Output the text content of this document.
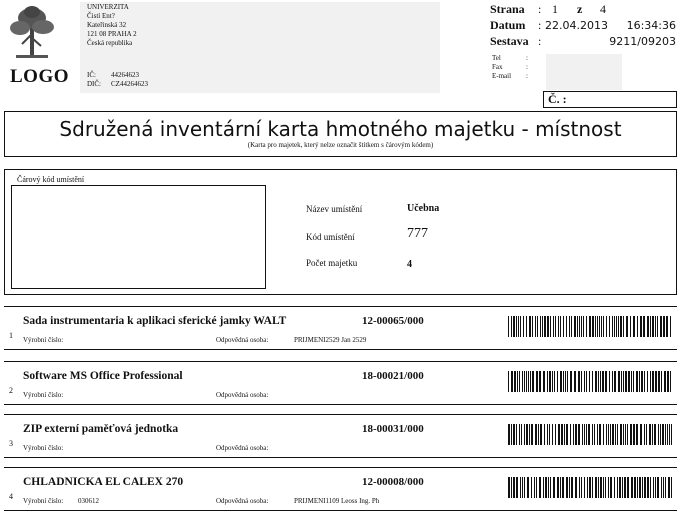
LOGO
UNIVERZITA
Čistí Ent?
Kateřinská 32
121 08 PRAHA 2
Česká republika
IČ: 44264623
DIČ: CZ44264623
Strana : 1 z 4
Datum : 22.04.2013 16:34:36
Sestava :	9211/09203
Tel	:
Fax	:
E-mail :
Č. :
Sdružená inventární karta hmotného majetku - místnost
(Karta pro majetek, který nelze označit štítkem s čárovým kódem)
Čárový kód umístění
Název umístění	Učebna
Kód umístění	777
Počet majetku	4
1
Sada instrumentaria k aplikaci sferické jamky WALT	12-00065/000
Výrobní číslo:	Odpovědná osoba:	PRIJMENI2529 Jan 2529
2
Software MS Office Professional	18-00021/000
Výrobní číslo:	Odpovědná osoba:
3
ZIP externí paměťová jednotka	18-00031/000
Výrobní číslo:	Odpovědná osoba:
4
CHLADNICKA EL CALEX 270	12-00008/000
Výrobní číslo: 030612	Odpovědná osoba:	PRIJMENI1109 Leoss Ing. Ph
